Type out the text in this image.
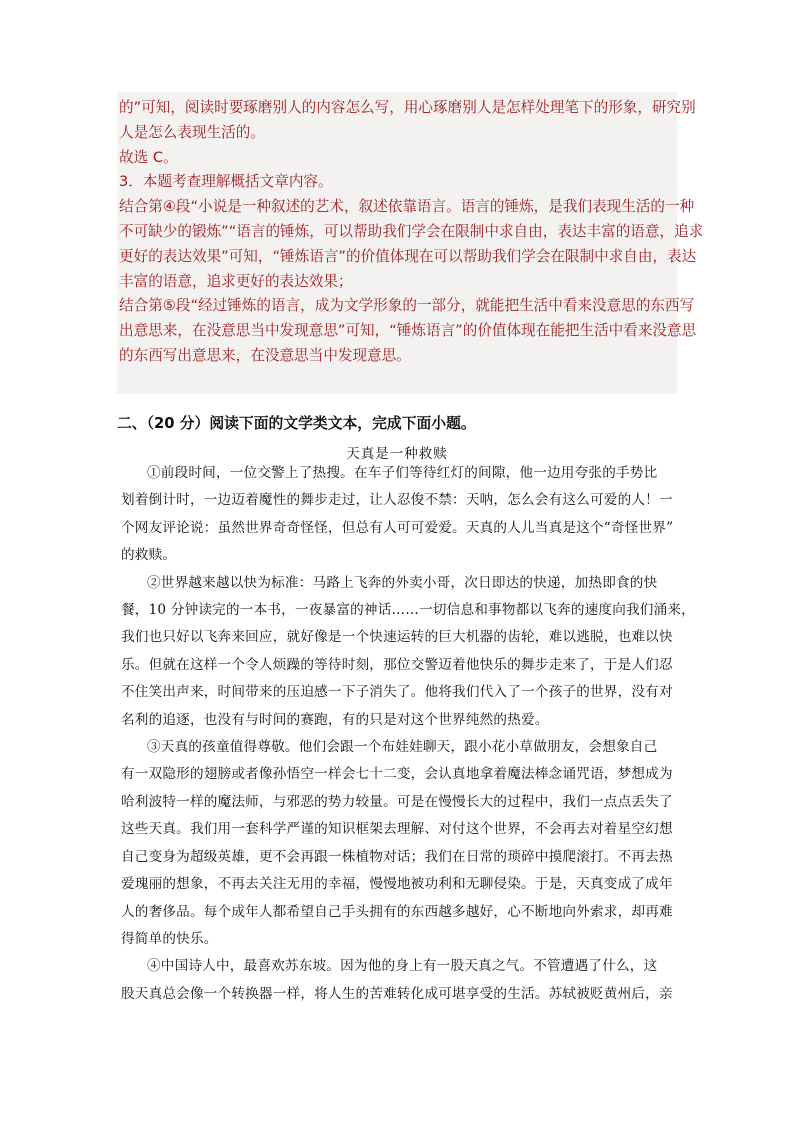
的”可知，阅读时要琢磨别人的内容怎么写，用心琢磨别人是怎样处理笔下的形象，研究别

人是怎么表现生活的。

故选 C。

3．本题考查理解概括文章内容。

结合第④段“小说是一种叙述的艺术，叙述依靠语言。语言的锤炼，是我们表现生活的一种

不可缺少的锻炼”“语言的锤炼，可以帮助我们学会在限制中求自由，表达丰富的语意，追求

更好的表达效果”可知，“锤炼语言”的价值体现在可以帮助我们学会在限制中求自由，表达

丰富的语意，追求更好的表达效果；

结合第⑤段“经过锤炼的语言，成为文学形象的一部分，就能把生活中看来没意思的东西写

出意思来，在没意思当中发现意思”可知，“锤炼语言”的价值体现在能把生活中看来没意思

的东西写出意思来，在没意思当中发现意思。

二、（20 分）阅读下面的文学类文本，完成下面小题。
天真是一种救赎

①前段时间，一位交警上了热搜。在车子们等待红灯的间隙，他一边用夸张的手势比

划着倒计时，一边迈着魔性的舞步走过，让人忍俊不禁：天呐，怎么会有这么可爱的人！一

个网友评论说：虽然世界奇奇怪怪，但总有人可可爱爱。天真的人儿当真是这个“奇怪世界”

的救赎。

②世界越来越以快为标准：马路上飞奔的外卖小哥，次日即达的快递，加热即食的快

餐，10 分钟读完的一本书，一夜暴富的神话……一切信息和事物都以飞奔的速度向我们涌来，

我们也只好以飞奔来回应，就好像是一个快速运转的巨大机器的齿轮，难以逃脱，也难以快

乐。但就在这样一个令人烦躁的等待时刻，那位交警迈着他快乐的舞步走来了，于是人们忍

不住笑出声来，时间带来的压迫感一下子消失了。他将我们代入了一个孩子的世界，没有对

名利的追逐，也没有与时间的赛跑，有的只是对这个世界纯然的热爱。

③天真的孩童值得尊敬。他们会跟一个布娃娃聊天，跟小花小草做朋友，会想象自己

有一双隐形的翅膀或者像孙悟空一样会七十二变，会认真地拿着魔法棒念诵咒语，梦想成为

哈利波特一样的魔法师，与邪恶的势力较量。可是在慢慢长大的过程中，我们一点点丢失了

这些天真。我们用一套科学严谨的知识框架去理解、对付这个世界，不会再去对着星空幻想

自己变身为超级英雄，更不会再跟一株植物对话；我们在日常的琐碎中摸爬滚打。不再去热

爱瑰丽的想象，不再去关注无用的幸福，慢慢地被功利和无聊侵染。于是，天真变成了成年

人的奢侈品。每个成年人都希望自己手头拥有的东西越多越好，心不断地向外索求，却再难

得简单的快乐。

④中国诗人中，最喜欢苏东坡。因为他的身上有一股天真之气。不管遭遇了什么，这

股天真总会像一个转换器一样，将人生的苦难转化成可堪享受的生活。苏轼被贬黄州后，亲
